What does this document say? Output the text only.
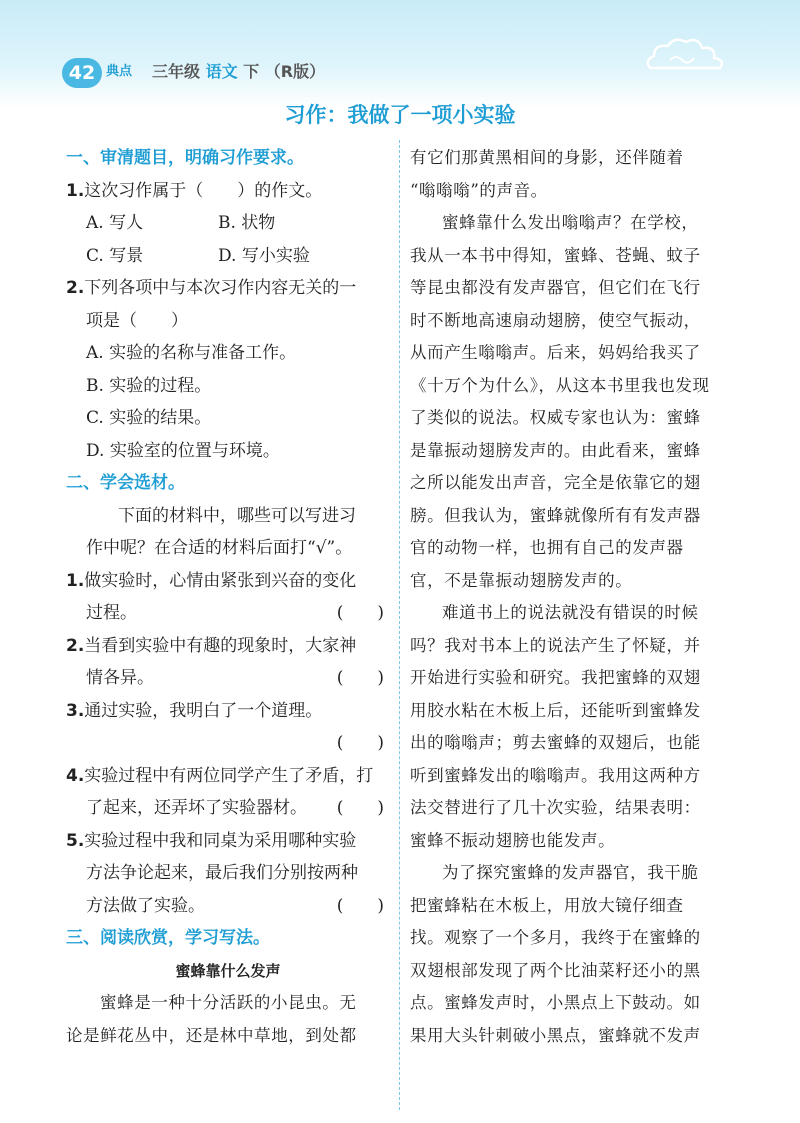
42 典点 三年级 语文 下 （R版）
习作：我做了一项小实验
一、审清题目，明确习作要求。
1.这次习作属于（　　）的作文。
A. 写人	B. 状物
C. 写景	D. 写小实验
2.下列各项中与本次习作内容无关的一
项是（　　）
A. 实验的名称与准备工作。
B. 实验的过程。
C. 实验的结果。
D. 实验室的位置与环境。
二、学会选材。
下面的材料中，哪些可以写进习
作中呢？在合适的材料后面打“√”。
1.做实验时，心情由紧张到兴奋的变化
过程。	(　　)
2.当看到实验中有趣的现象时，大家神
情各异。	(　　)
3.通过实验，我明白了一个道理。
(　　)
4.实验过程中有两位同学产生了矛盾，打
了起来，还弄坏了实验器材。 (　　)
5.实验过程中我和同桌为采用哪种实验
方法争论起来，最后我们分别按两种
方法做了实验。	(　　)
三、阅读欣赏，学习写法。
蜜蜂靠什么发声
蜜蜂是一种十分活跃的小昆虫。无
论是鲜花丛中，还是林中草地，到处都
有它们那黄黑相间的身影，还伴随着
“嗡嗡嗡”的声音。
蜜蜂靠什么发出嗡嗡声？在学校，
我从一本书中得知，蜜蜂、苍蝇、蚊子
等昆虫都没有发声器官，但它们在飞行
时不断地高速扇动翅膀，使空气振动，
从而产生嗡嗡声。后来，妈妈给我买了
《十万个为什么》，从这本书里我也发现
了类似的说法。权威专家也认为：蜜蜂
是靠振动翅膀发声的。由此看来，蜜蜂
之所以能发出声音，完全是依靠它的翅
膀。但我认为，蜜蜂就像所有有发声器
官的动物一样，也拥有自己的发声器
官，不是靠振动翅膀发声的。
难道书上的说法就没有错误的时候
吗？我对书本上的说法产生了怀疑，并
开始进行实验和研究。我把蜜蜂的双翅
用胶水粘在木板上后，还能听到蜜蜂发
出的嗡嗡声；剪去蜜蜂的双翅后，也能
听到蜜蜂发出的嗡嗡声。我用这两种方
法交替进行了几十次实验，结果表明：
蜜蜂不振动翅膀也能发声。
为了探究蜜蜂的发声器官，我干脆
把蜜蜂粘在木板上，用放大镜仔细查
找。观察了一个多月，我终于在蜜蜂的
双翅根部发现了两个比油菜籽还小的黑
点。蜜蜂发声时，小黑点上下鼓动。如
果用大头针刺破小黑点，蜜蜂就不发声
